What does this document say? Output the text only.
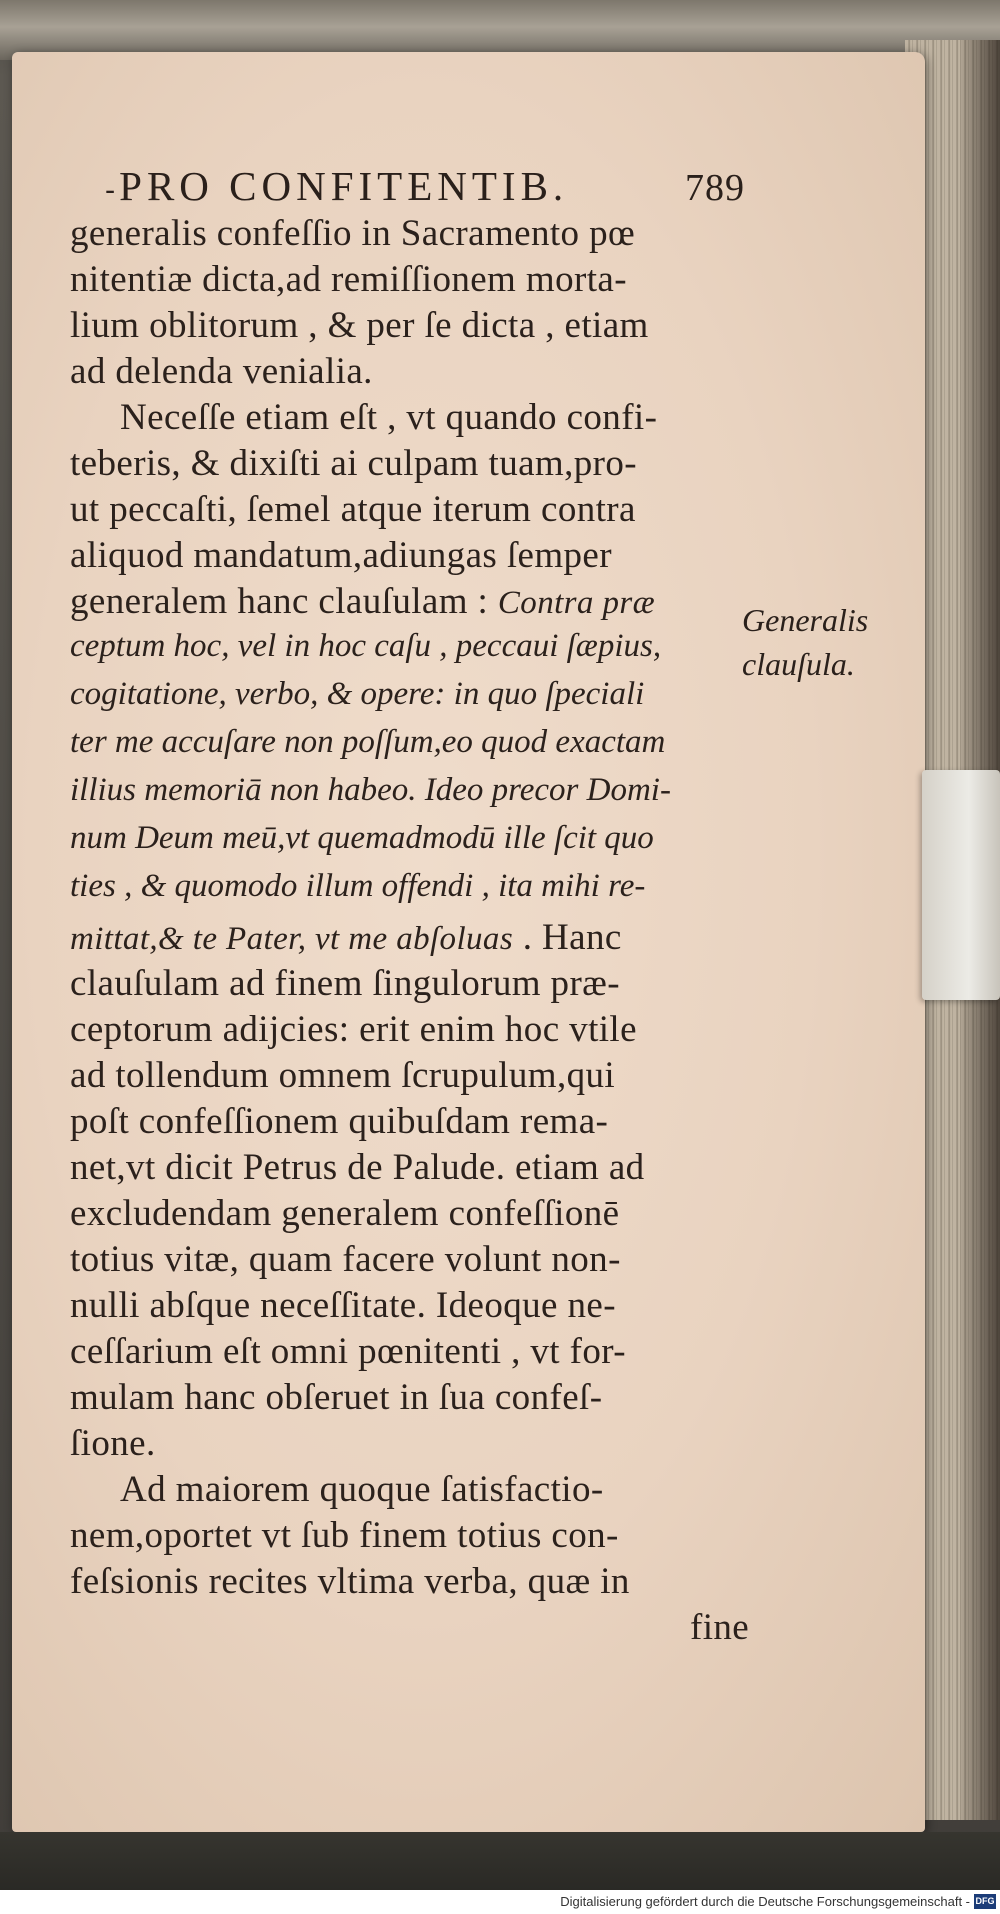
- PRO CONFITENTIB.	789
generalis confeſſio in Sacramento pœ
nitentiæ dicta,ad remiſſionem morta-
lium oblitorum , & per ſe dicta , etiam
ad delenda venialia.
Neceſſe etiam eſt , vt quando confi-
teberis, & dixiſti ai culpam tuam,pro-
ut peccaſti, ſemel atque iterum contra
aliquod mandatum,adiungas ſemper
generalem hanc clauſulam : Contra præ
ceptum hoc, vel in hoc caſu , peccaui ſæpius,
cogitatione, verbo, & opere: in quo ſpeciali
ter me accuſare non poſſum,eo quod exactam
illius memoriā non habeo. Ideo precor Domi-
num Deum meū,vt quemadmodū ille ſcit quo
ties , & quomodo illum offendi , ita mihi re-
mittat,& te Pater, vt me abſoluas . Hanc
clauſulam ad finem ſingulorum præ-
ceptorum adijcies: erit enim hoc vtile
ad tollendum omnem ſcrupulum,qui
poſt confeſſionem quibuſdam rema-
net,vt dicit Petrus de Palude. etiam ad
excludendam generalem confeſſionē
totius vitæ, quam facere volunt non-
nulli abſque neceſſitate. Ideoque ne-
ceſſarium eſt omni pœnitenti , vt for-
mulam hanc obſeruet in ſua confeſ-
ſione.
Ad maiorem quoque ſatisfactio-
nem,oportet vt ſub finem totius con-
feſsionis recites vltima verba, quæ in
fine
Generalis
clauſula.
Digitalisierung gefördert durch die Deutsche Forschungsgemeinschaft - DFG
